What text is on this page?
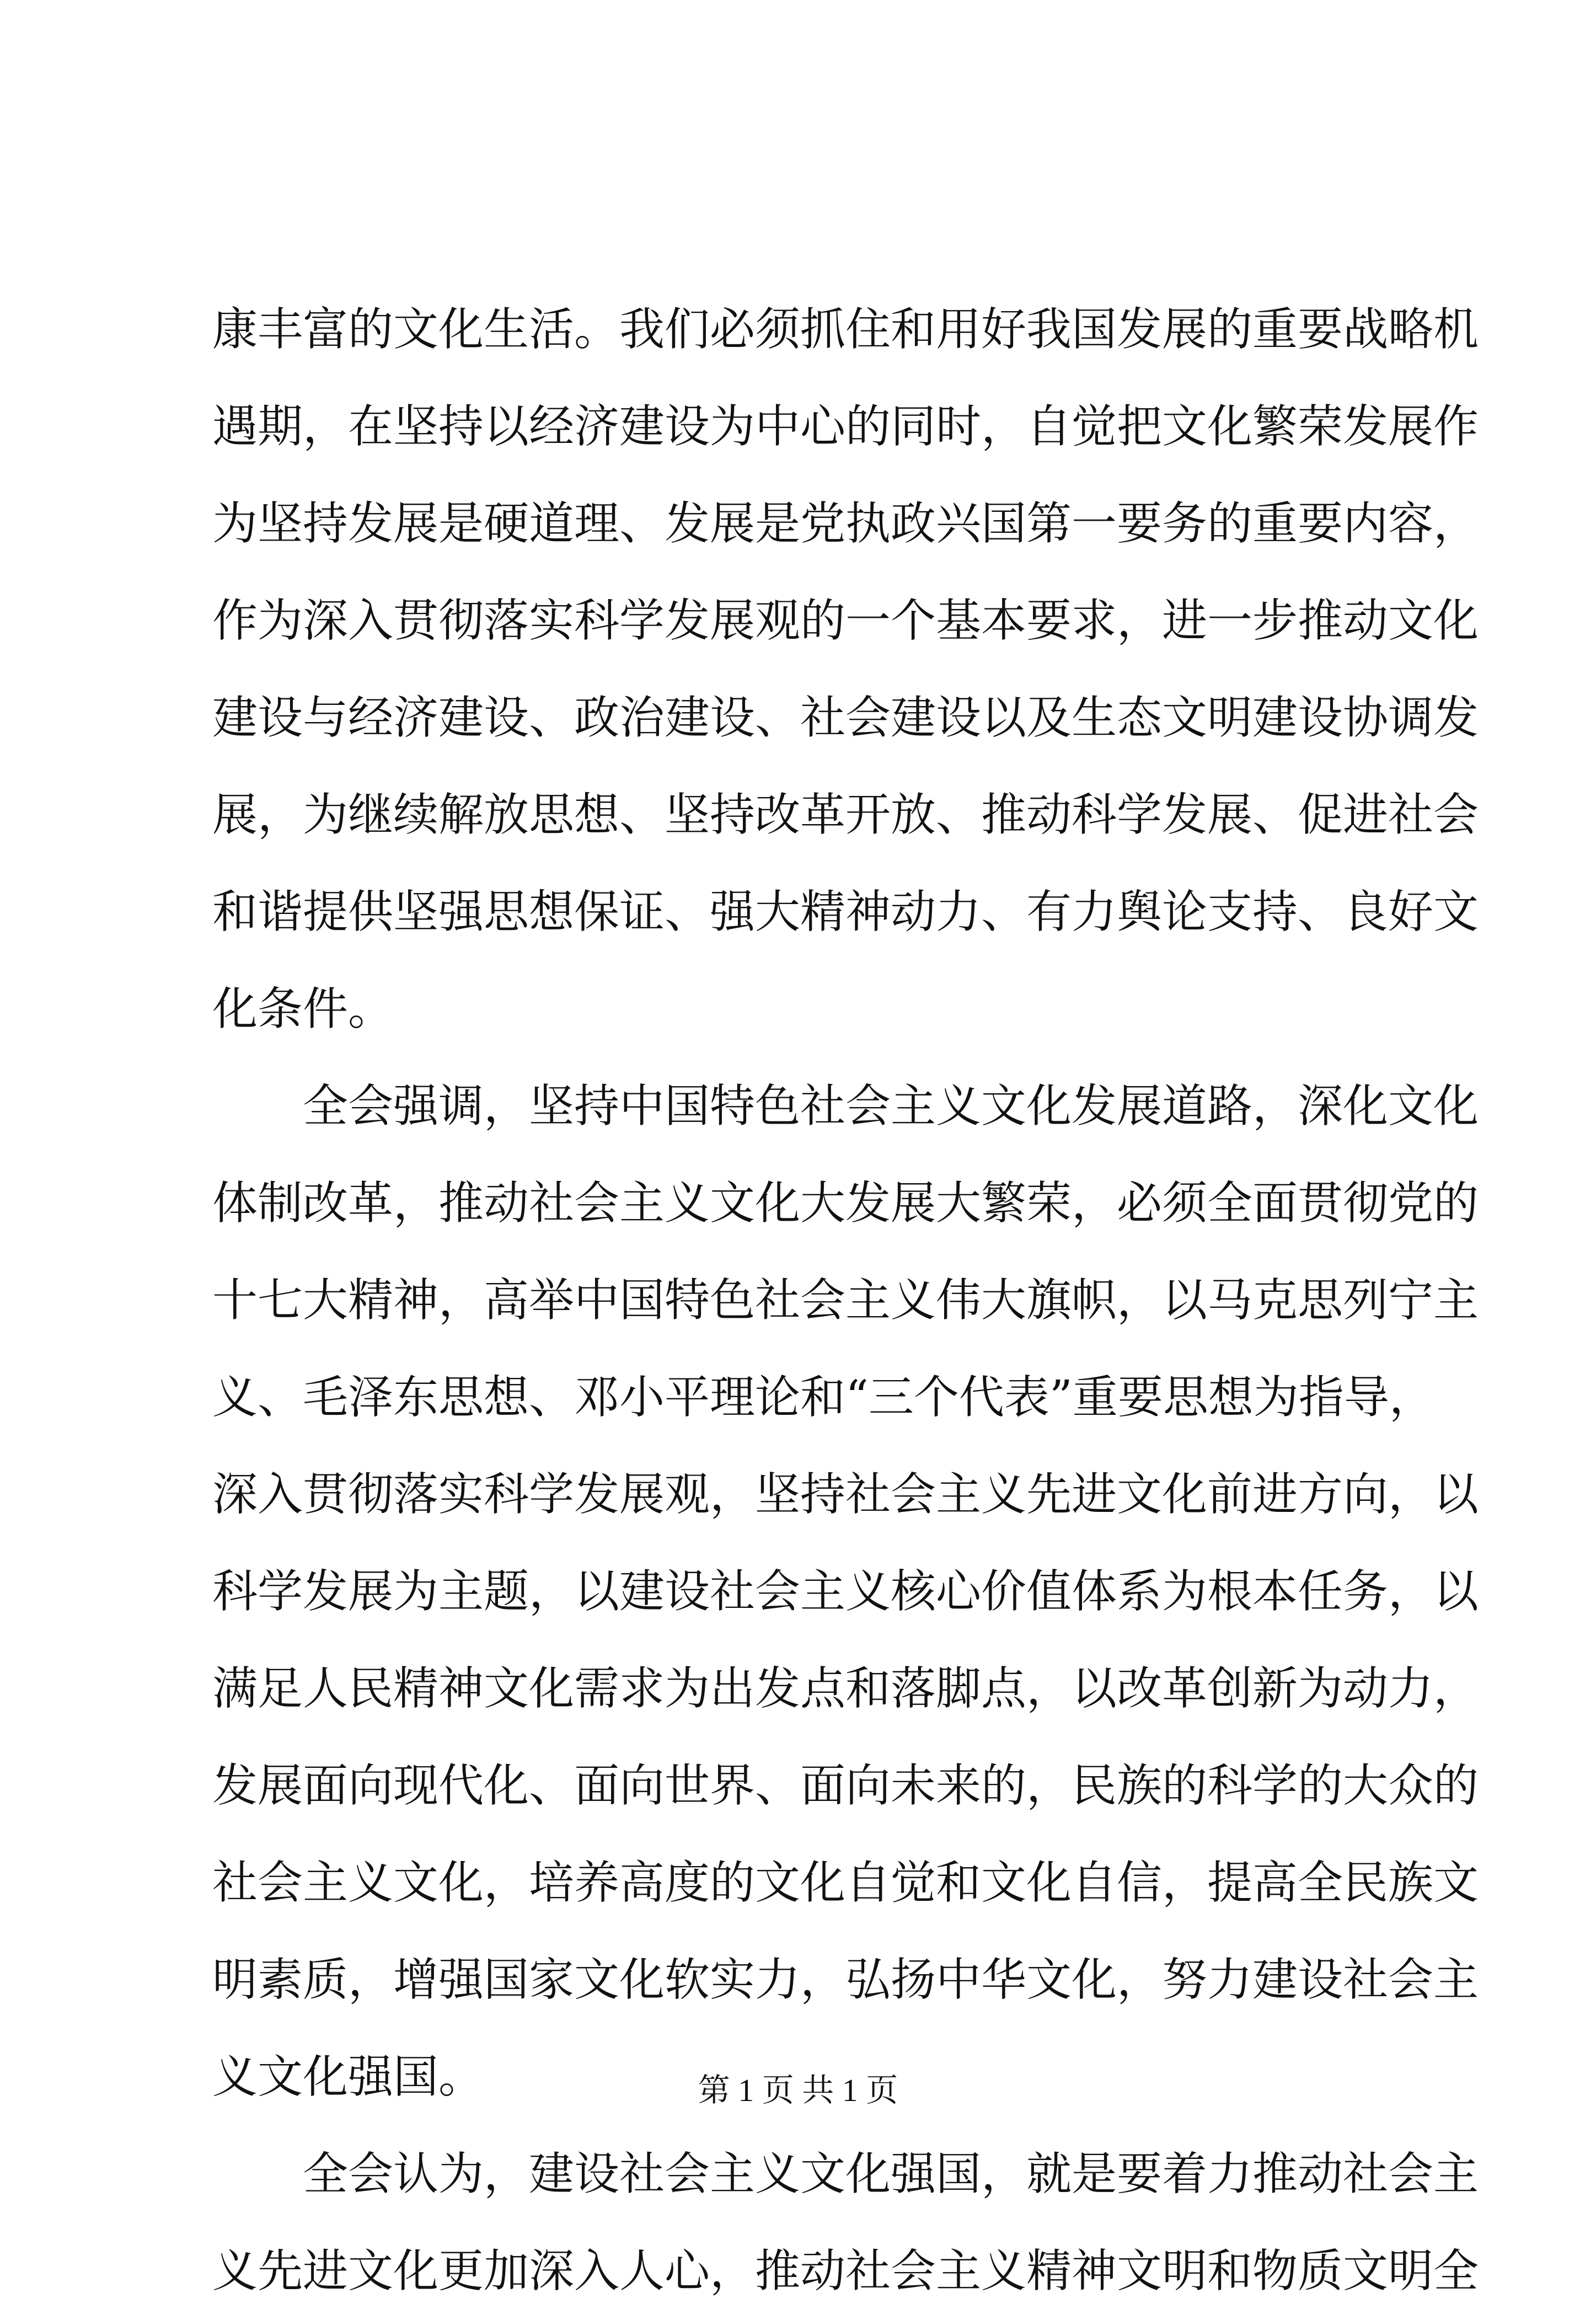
康丰富的文化生活。我们必须抓住和用好我国发展的重要战略机
遇期，在坚持以经济建设为中心的同时，自觉把文化繁荣发展作
为坚持发展是硬道理、发展是党执政兴国第一要务的重要内容，
作为深入贯彻落实科学发展观的一个基本要求，进一步推动文化
建设与经济建设、政治建设、社会建设以及生态文明建设协调发
展，为继续解放思想、坚持改革开放、推动科学发展、促进社会
和谐提供坚强思想保证、强大精神动力、有力舆论支持、良好文
化条件。
　　全会强调，坚持中国特色社会主义文化发展道路，深化文化
体制改革，推动社会主义文化大发展大繁荣，必须全面贯彻党的
十七大精神，高举中国特色社会主义伟大旗帜，以马克思列宁主
义、毛泽东思想、邓小平理论和“三个代表”重要思想为指导，
深入贯彻落实科学发展观，坚持社会主义先进文化前进方向，以
科学发展为主题，以建设社会主义核心价值体系为根本任务，以
满足人民精神文化需求为出发点和落脚点，以改革创新为动力，
发展面向现代化、面向世界、面向未来的，民族的科学的大众的
社会主义文化，培养高度的文化自觉和文化自信，提高全民族文
明素质，增强国家文化软实力，弘扬中华文化，努力建设社会主
义文化强国。
　　全会认为，建设社会主义文化强国，就是要着力推动社会主
义先进文化更加深入人心，推动社会主义精神文明和物质文明全
第 1 页 共 1 页
